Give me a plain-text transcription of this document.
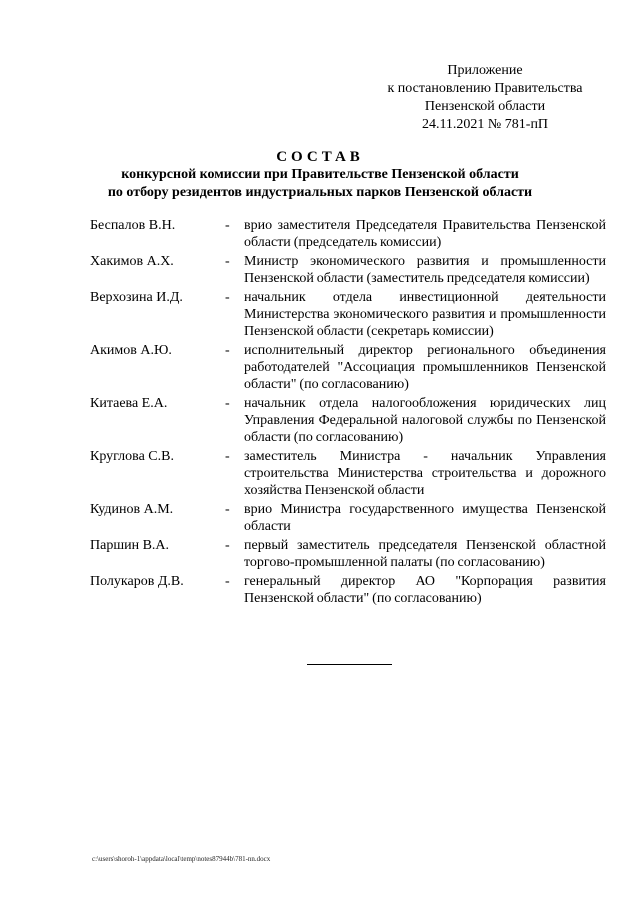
Приложение
к постановлению Правительства
Пензенской области
24.11.2021 № 781-пП
СОСТАВ
конкурсной комиссии при Правительстве Пензенской области
по отбору резидентов индустриальных парков Пензенской области
Беспалов В.Н.	-	врио заместителя Председателя Правительства Пензенской области (председатель комиссии)
Хакимов А.Х.	-	Министр экономического развития и промышленности Пензенской области (заместитель председателя комиссии)
Верхозина И.Д.	-	начальник отдела инвестиционной деятельности Министерства экономического развития и промышленности Пензенской области (секретарь комиссии)
Акимов А.Ю.	-	исполнительный директор регионального объединения работодателей "Ассоциация промышленников Пензенской области" (по согласованию)
Китаева Е.А.	-	начальник отдела налогообложения юридических лиц Управления Федеральной налоговой службы по Пензенской области (по согласованию)
Круглова С.В.	-	заместитель Министра - начальник Управления строительства Министерства строительства и дорожного хозяйства Пензенской области
Кудинов А.М.	-	врио Министра государственного имущества Пензенской области
Паршин В.А.	-	первый заместитель председателя Пензенской областной торгово-промышленной палаты (по согласованию)
Полукаров Д.В.	-	генеральный директор АО "Корпорация развития Пензенской области" (по согласованию)
c:\users\shoroh-1\appdata\local\temp\notes87944b\781-nn.docx
